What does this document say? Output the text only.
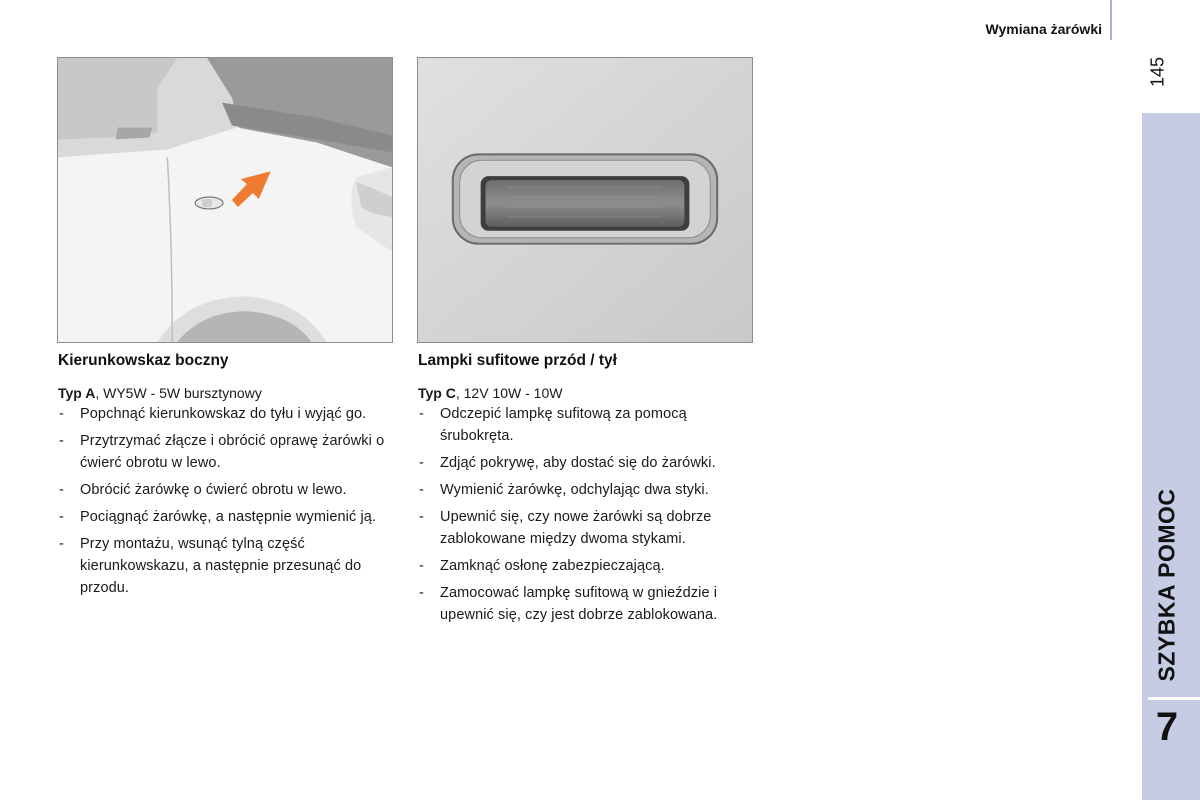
Wymiana żarówki
145
SZYBKA POMOC
7
Kierunkowskaz boczny

Typ A, WY5W - 5W bursztynowy

- Popchnąć kierunkowskaz do tyłu i wyjąć go.
- Przytrzymać złącze i obrócić oprawę żarówki o ćwierć obrotu w lewo.
- Obrócić żarówkę o ćwierć obrotu w lewo.
- Pociągnąć żarówkę, a następnie wymienić ją.
- Przy montażu, wsunąć tylną część kierunkowskazu, a następnie przesunąć do przodu.
Lampki sufitowe przód / tył

Typ C, 12V 10W - 10W

- Odczepić lampkę sufitową za pomocą śrubokręta.
- Zdjąć pokrywę, aby dostać się do żarówki.
- Wymienić żarówkę, odchylając dwa styki.
- Upewnić się, czy nowe żarówki są dobrze zablokowane między dwoma stykami.
- Zamknąć osłonę zabezpieczającą.
- Zamocować lampkę sufitową w gnieździe i upewnić się, czy jest dobrze zablokowana.
